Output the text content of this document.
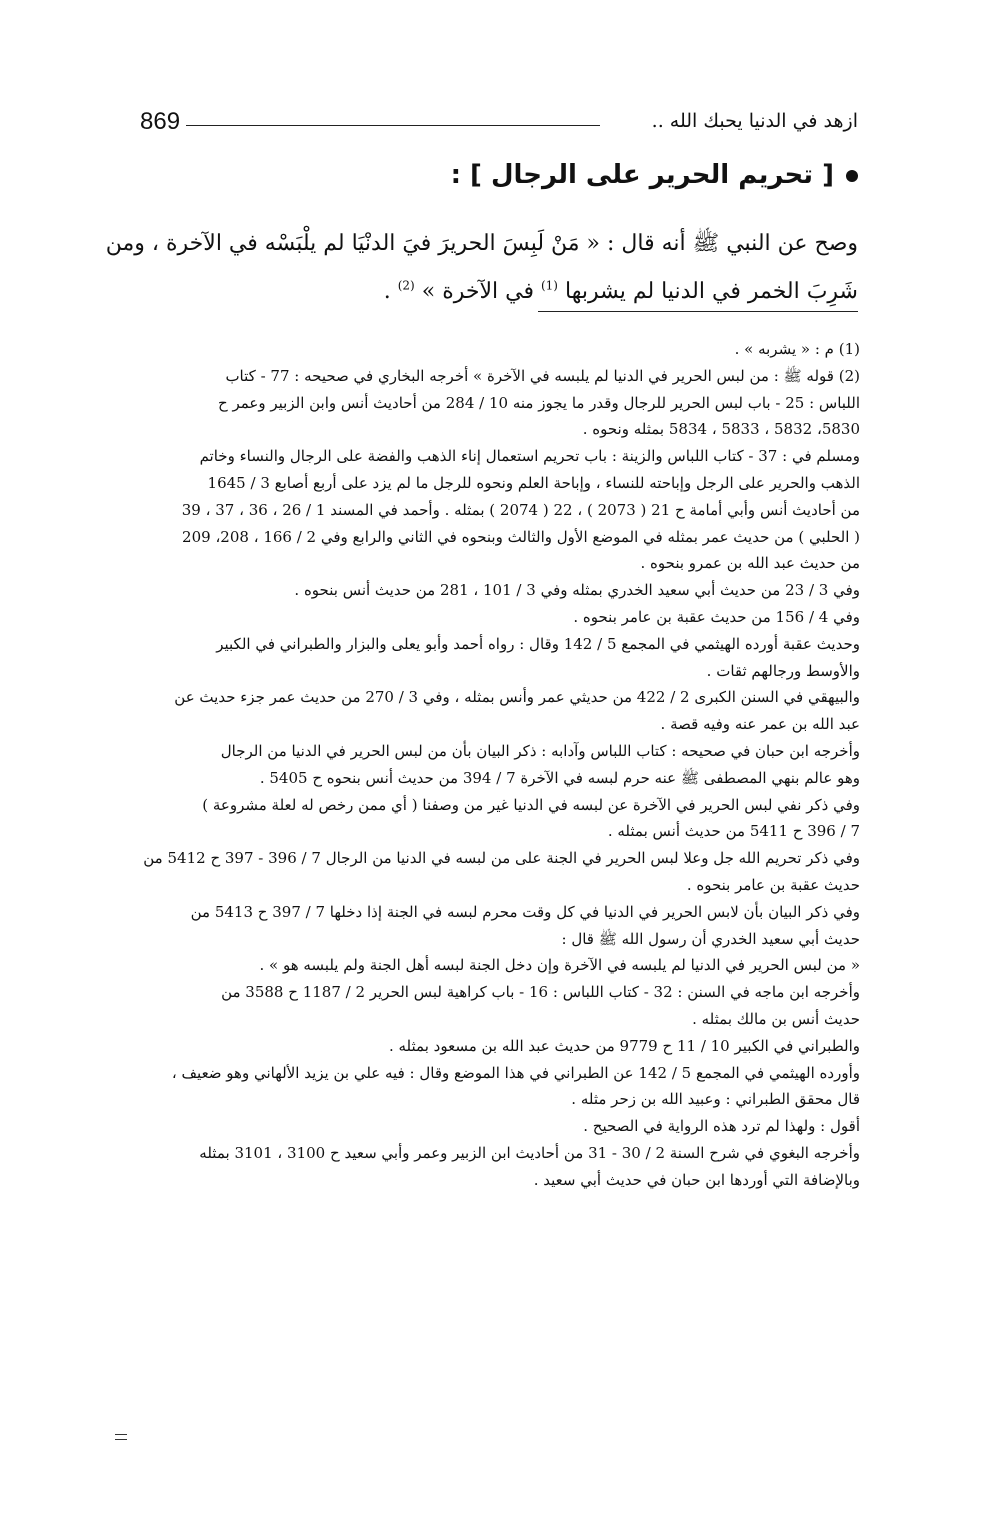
869	ازهد في الدنيا يحبك الله ..
[ تحريم الحرير على الرجال ] :
وصح عن النبي ﷺ أنه قال : « مَنْ لَبِسَ الحريرَ فيَ الدنْيَا لم يلْبَسْه في الآخرة ، ومن
شَرِبَ الخمر في الدنيا لم يشربها $^{(1)}$ في الآخرة » $^{(2)}$ .
(1) م : « يشربه » .
(2) قوله ﷺ : من لبس الحرير في الدنيا لم يلبسه في الآخرة » أخرجه البخاري في صحيحه : 77 - كتاب
اللباس : 25 - باب لبس الحرير للرجال وقدر ما يجوز منه 10 / 284 من أحاديث أنس وابن الزبير وعمر ح
5830، 5832 ، 5833 ، 5834 بمثله ونحوه .
ومسلم في : 37 - كتاب اللباس والزينة : باب تحريم استعمال إناء الذهب والفضة على الرجال والنساء وخاتم
الذهب والحرير على الرجل وإباحته للنساء ، وإباحة العلم ونحوه للرجل ما لم يزد على أربع أصابع 3 / 1645
من أحاديث أنس وأبي أمامة ح 21 ( 2073 ) ، 22 ( 2074 ) بمثله . وأحمد في المسند 1 / 26 ، 36 ، 37 ، 39
( الحلبي ) من حديث عمر بمثله في الموضع الأول والثالث وبنحوه في الثاني والرابع وفي 2 / 166 ، 208، 209
من حديث عبد الله بن عمرو بنحوه .
وفي 3 / 23 من حديث أبي سعيد الخدري بمثله وفي 3 / 101 ، 281 من حديث أنس بنحوه .
وفي 4 / 156 من حديث عقبة بن عامر بنحوه .
وحديث عقبة أورده الهيثمي في المجمع 5 / 142 وقال : رواه أحمد وأبو يعلى والبزار والطبراني في الكبير
والأوسط ورجالهم ثقات .
والبيهقي في السنن الكبرى 2 / 422 من حديثي عمر وأنس بمثله ، وفي 3 / 270 من حديث عمر جزء حديث عن
عبد الله بن عمر عنه وفيه قصة .
وأخرجه ابن حبان في صحيحه : كتاب اللباس وآدابه : ذكر البيان بأن من لبس الحرير في الدنيا من الرجال
وهو عالم بنهي المصطفى ﷺ عنه حرم لبسه في الآخرة 7 / 394 من حديث أنس بنحوه ح 5405 .
وفي ذكر نفي لبس الحرير في الآخرة عن لبسه في الدنيا غير من وصفنا ( أي ممن رخص له لعلة مشروعة )
7 / 396 ح 5411 من حديث أنس بمثله .
وفي ذكر تحريم الله جل وعلا لبس الحرير في الجنة على من لبسه في الدنيا من الرجال 7 / 396 - 397 ح 5412 من
حديث عقبة بن عامر بنحوه .
وفي ذكر البيان بأن لابس الحرير في الدنيا في كل وقت محرم لبسه في الجنة إذا دخلها 7 / 397 ح 5413 من
حديث أبي سعيد الخدري أن رسول الله ﷺ قال :
« من لبس الحرير في الدنيا لم يلبسه في الآخرة وإن دخل الجنة لبسه أهل الجنة ولم يلبسه هو » .
وأخرجه ابن ماجه في السنن : 32 - كتاب اللباس : 16 - باب كراهية لبس الحرير 2 / 1187 ح 3588 من
حديث أنس بن مالك بمثله .
والطبراني في الكبير 10 / 11 ح 9779 من حديث عبد الله بن مسعود بمثله .
وأورده الهيثمي في المجمع 5 / 142 عن الطبراني في هذا الموضع وقال : فيه علي بن يزيد الألهاني وهو ضعيف ،
قال محقق الطبراني : وعبيد الله بن زحر مثله .
أقول : ولهذا لم ترد هذه الرواية في الصحيح .
وأخرجه البغوي في شرح السنة 2 / 30 - 31 من أحاديث ابن الزبير وعمر وأبي سعيد ح 3100 ، 3101 بمثله
وبالإضافة التي أوردها ابن حبان في حديث أبي سعيد .
